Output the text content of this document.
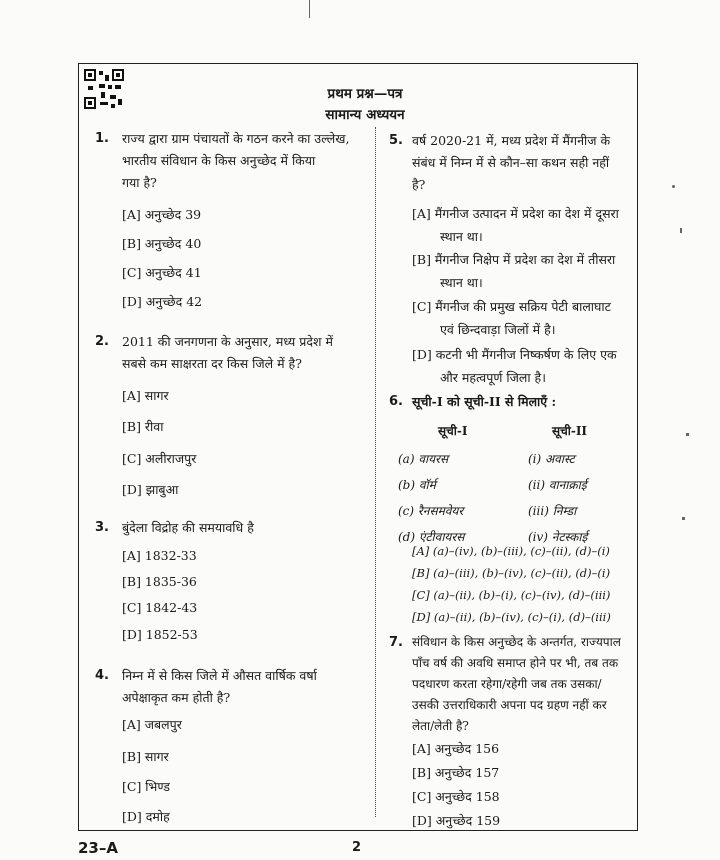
प्रथम प्रश्न—पत्र
सामान्य अध्ययन
1. राज्य द्वारा ग्राम पंचायतों के गठन करने का उल्लेख,
भारतीय संविधान के किस अनुच्छेद में किया
गया है?
[A] अनुच्छेद 39
[B] अनुच्छेद 40
[C] अनुच्छेद 41
[D] अनुच्छेद 42
2. 2011 की जनगणना के अनुसार, मध्य प्रदेश में
सबसे कम साक्षरता दर किस जिले में है?
[A] सागर
[B] रीवा
[C] अलीराजपुर
[D] झाबुआ
3. बुंदेला विद्रोह की समयावधि है
[A] 1832-33
[B] 1835-36
[C] 1842-43
[D] 1852-53
4. निम्न में से किस जिले में औसत वार्षिक वर्षा
अपेक्षाकृत कम होती है?
[A] जबलपुर
[B] सागर
[C] भिण्ड
[D] दमोह
5. वर्ष 2020-21 में, मध्य प्रदेश में मैंगनीज के
संबंध में निम्न में से कौन–सा कथन सही नहीं
है?
[A] मैंगनीज उत्पादन में प्रदेश का देश में दूसरा
स्थान था।
[B] मैंगनीज निक्षेप में प्रदेश का देश में तीसरा
स्थान था।
[C] मैंगनीज की प्रमुख सक्रिय पेटी बालाघाट
एवं छिन्दवाड़ा जिलों में है।
[D] कटनी भी मैंगनीज निष्कर्षण के लिए एक
और महत्वपूर्ण जिला है।
6. सूची-I को सूची-II से मिलाएँ :
सूची-I	सूची-II
(a) वायरस
(b) वॉर्म
(c) रैनसमवेयर
(d) एंटीवायरस
(i) अवास्ट
(ii) वानाक्राई
(iii) निम्डा
(iv) नेटस्काई
[A] (a)–(iv), (b)–(iii), (c)–(ii), (d)–(i)
[B] (a)–(iii), (b)–(iv), (c)–(ii), (d)–(i)
[C] (a)–(ii), (b)–(i), (c)–(iv), (d)–(iii)
[D] (a)–(ii), (b)–(iv), (c)–(i), (d)–(iii)
7. संविधान के किस अनुच्छेद के अन्तर्गत, राज्यपाल
पाँच वर्ष की अवधि समाप्त होने पर भी, तब तक
पदधारण करता रहेगा/रहेगी जब तक उसका/
उसकी उत्तराधिकारी अपना पद ग्रहण नहीं कर
लेता/लेती है?
[A] अनुच्छेद 156
[B] अनुच्छेद 157
[C] अनुच्छेद 158
[D] अनुच्छेद 159
23–A	2
